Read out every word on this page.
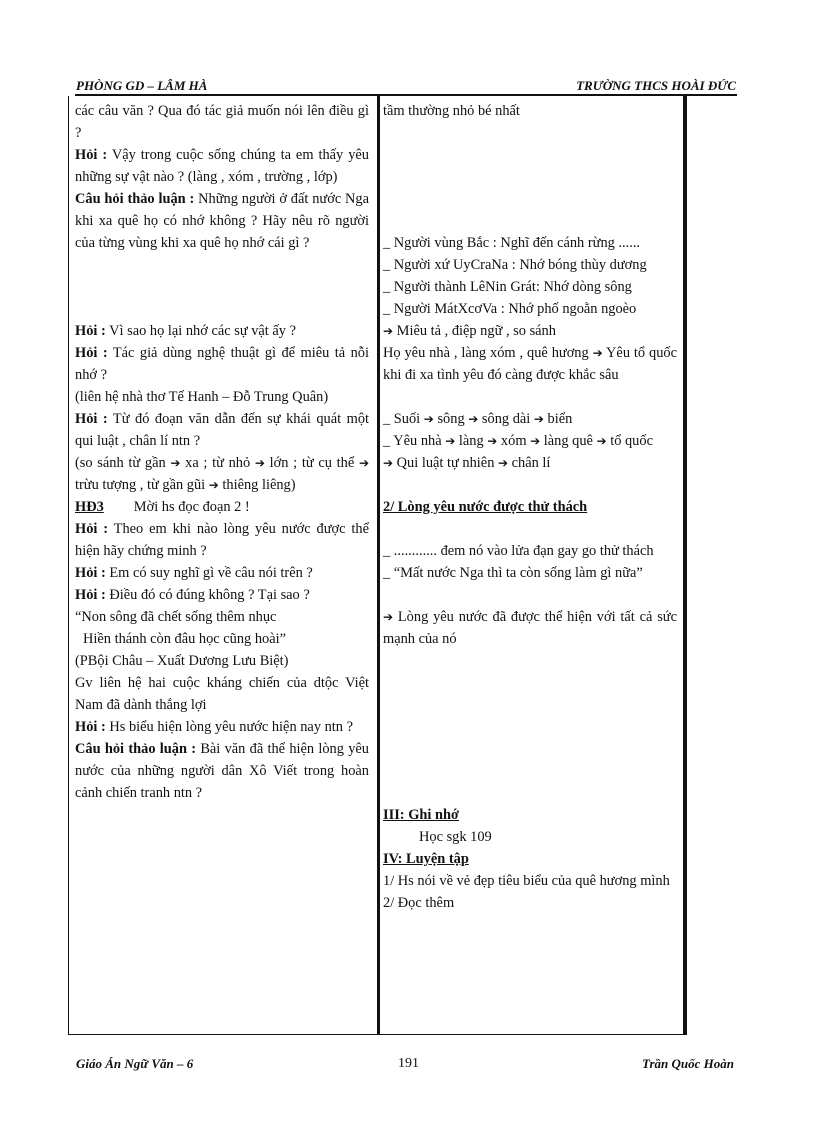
PHÒNG GD – LÂM HÀ	TRƯỜNG THCS HOÀI ĐỨC

các câu văn ? Qua đó tác giả muốn nói lên điều gì ?

Hỏi : Vậy trong cuộc sống chúng ta em thấy yêu những sự vật nào ? (làng , xóm , trường , lớp)

Câu hỏi thảo luận : Những người ở đất nước Nga khi xa quê họ có nhớ không ? Hãy nêu rõ người của từng vùng khi xa quê họ nhớ cái gì ?

Hỏi : Vì sao họ lại nhớ các sự vật ấy ?

Hỏi : Tác giả dùng nghệ thuật gì để miêu tả nỗi nhớ ?

(liên hệ nhà thơ Tế Hanh – Đỗ Trung Quân)

Hỏi : Từ đó đoạn văn dẫn đến sự khái quát một qui luật , chân lí ntn ?

(so sánh từ gần ➔ xa ; từ nhỏ ➔ lớn ; từ cụ thể ➔ trừu tượng , từ gần gũi ➔ thiêng liêng)

HĐ3 Mời hs đọc đoạn 2 !

Hỏi : Theo em khi nào lòng yêu nước được thể hiện hãy chứng minh ?

Hỏi : Em có suy nghĩ gì về câu nói trên ?

Hỏi : Điều đó có đúng không ? Tại sao ?

“Non sông đã chết sống thêm nhục

Hiền thánh còn đâu học cũng hoài”

(PBội Châu – Xuất Dương Lưu Biệt)

Gv liên hệ hai cuộc kháng chiến của dtộc Việt Nam đã dành thắng lợi

Hỏi : Hs biểu hiện lòng yêu nước hiện nay ntn ?

Câu hỏi thảo luận : Bài văn đã thể hiện lòng yêu nước của những người dân Xô Viết trong hoàn cảnh chiến tranh ntn ?

tầm thường nhỏ bé nhất

_ Người vùng Bắc : Nghĩ đến cánh rừng ......

_ Người xứ UyCraNa : Nhớ bóng thùy dương

_ Người thành LêNin Grát: Nhớ dòng sông

_ Người MátXcơVa : Nhớ phố ngoằn ngoèo

➔ Miêu tả , điệp ngữ , so sánh

Họ yêu nhà , làng xóm , quê hương ➔ Yêu tổ quốc khi đi xa tình yêu đó càng được khắc sâu

_ Suối ➔ sông ➔ sông dài ➔ biển

_ Yêu nhà ➔ làng ➔ xóm ➔ làng quê ➔ tổ quốc

➔ Qui luật tự nhiên ➔ chân lí

2/ Lòng yêu nước được thử thách

_ ............ đem nó vào lửa đạn gay go thử thách

_ “Mất nước Nga thì ta còn sống làm gì nữa”

➔ Lòng yêu nước đã được thể hiện với tất cả sức mạnh của nó

III: Ghi nhớ

Học sgk 109

IV: Luyện tập

1/ Hs nói về vẻ đẹp tiêu biểu của quê hương mình

2/ Đọc thêm

Giáo Án Ngữ Văn – 6	191	Trần Quốc Hoàn
